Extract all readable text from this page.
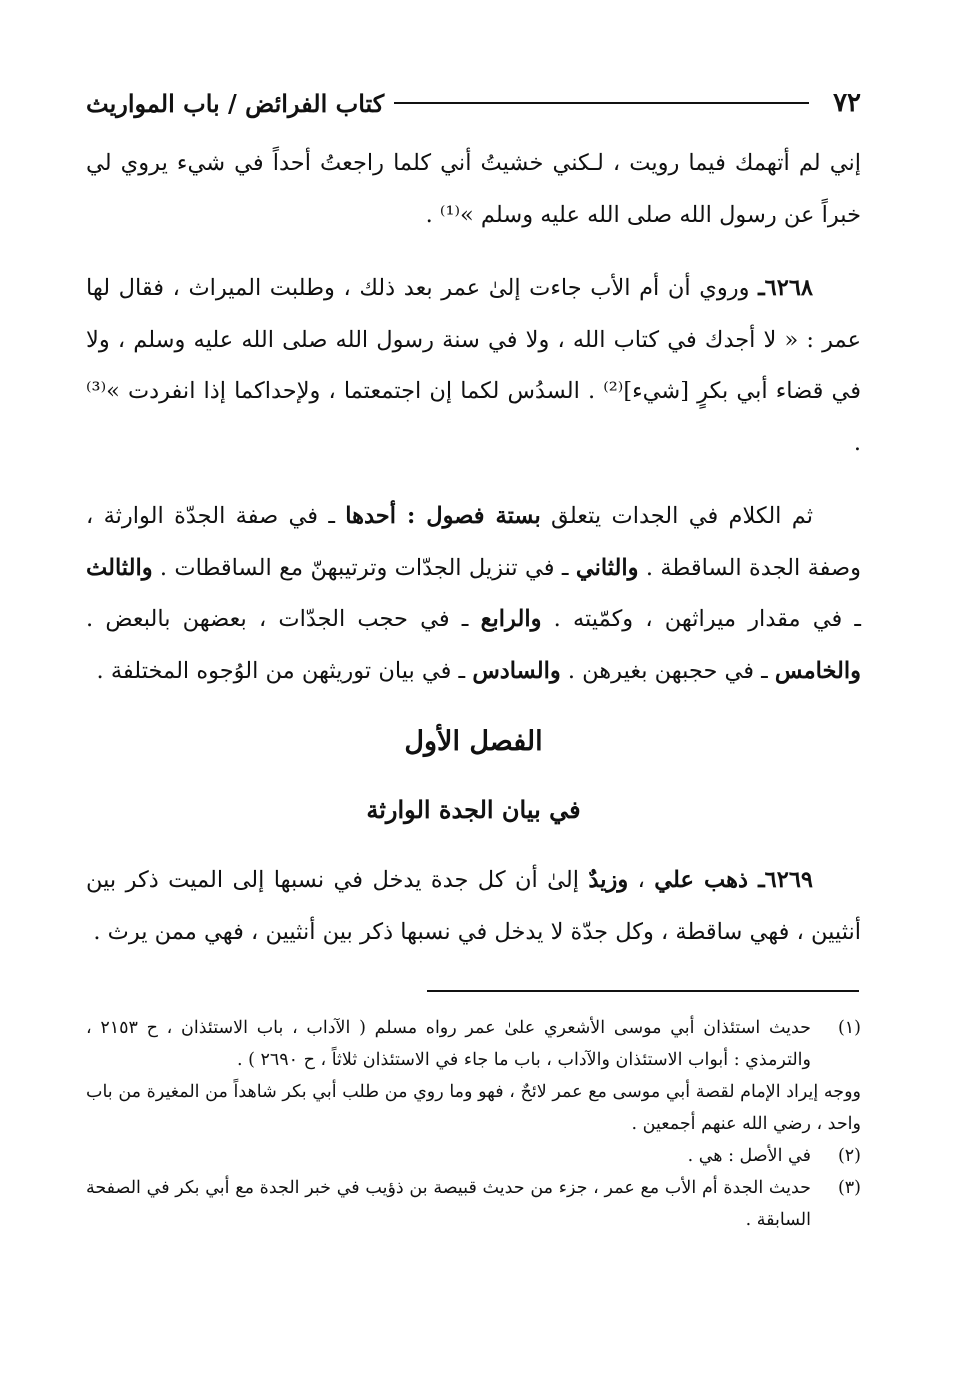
٧٢
كتاب الفرائض / باب المواريث

إني لم أتهمك فيما رويت ، لـكني خشيتُ أني كلما راجعتُ أحداً في شيء يروي لي خبراً عن رسول الله صلى الله عليه وسلم »⁽¹⁾ .

٦٢٦٨ـ وروي أن أم الأب جاءت إلىٰ عمر بعد ذلك ، وطلبت الميراث ، فقال لها عمر : « لا أجدك في كتاب الله ، ولا في سنة رسول الله صلى الله عليه وسلم ، ولا في قضاء أبي بكرٍ [شيء]⁽²⁾ . السدُس لكما إن اجتمعتما ، ولإحداكما إذا انفردت »⁽³⁾ .

ثم الكلام في الجدات يتعلق بستة فصول : أحدها ـ في صفة الجدّة الوارثة ، وصفة الجدة الساقطة . والثاني ـ في تنزيل الجدّات وترتيبهنّ مع الساقطات . والثالث ـ في مقدار ميراثهن ، وكمّيته . والرابع ـ في حجب الجدّات ، بعضهن بالبعض . والخامس ـ في حجبهن بغيرهن . والسادس ـ في بيان توريثهن من الوُجوه المختلفة .

الفصل الأول

في بيان الجدة الوارثة

٦٢٦٩ـ ذهب علي ، وزيدٌ إلىٰ أن كل جدة يدخل في نسبها إلى الميت ذكر بين أنثيين ، فهي ساقطة ، وكل جدّة لا يدخل في نسبها ذكر بين أنثيين ، فهي ممن يرث .

(١)
حديث استئذان أبي موسى الأشعري علىٰ عمر رواه مسلم ( الآداب ، باب الاستئذان ، ح ٢١٥٣ ، والترمذي : أبواب الاستئذان والآداب ، باب ما جاء في الاستئذان ثلاثاً ، ح ٢٦٩٠ ) .
ووجه إيراد الإمام لقصة أبي موسى مع عمر لائحٌ ، فهو وما روي من طلب أبي بكر شاهداً من المغيرة من باب واحد ، رضي الله عنهم أجمعين .
(٢)
في الأصل : هي .
(٣)
حديث الجدة أم الأب مع عمر ، جزء من حديث قبيصة بن ذؤيب في خبر الجدة مع أبي بكر في الصفحة السابقة .
